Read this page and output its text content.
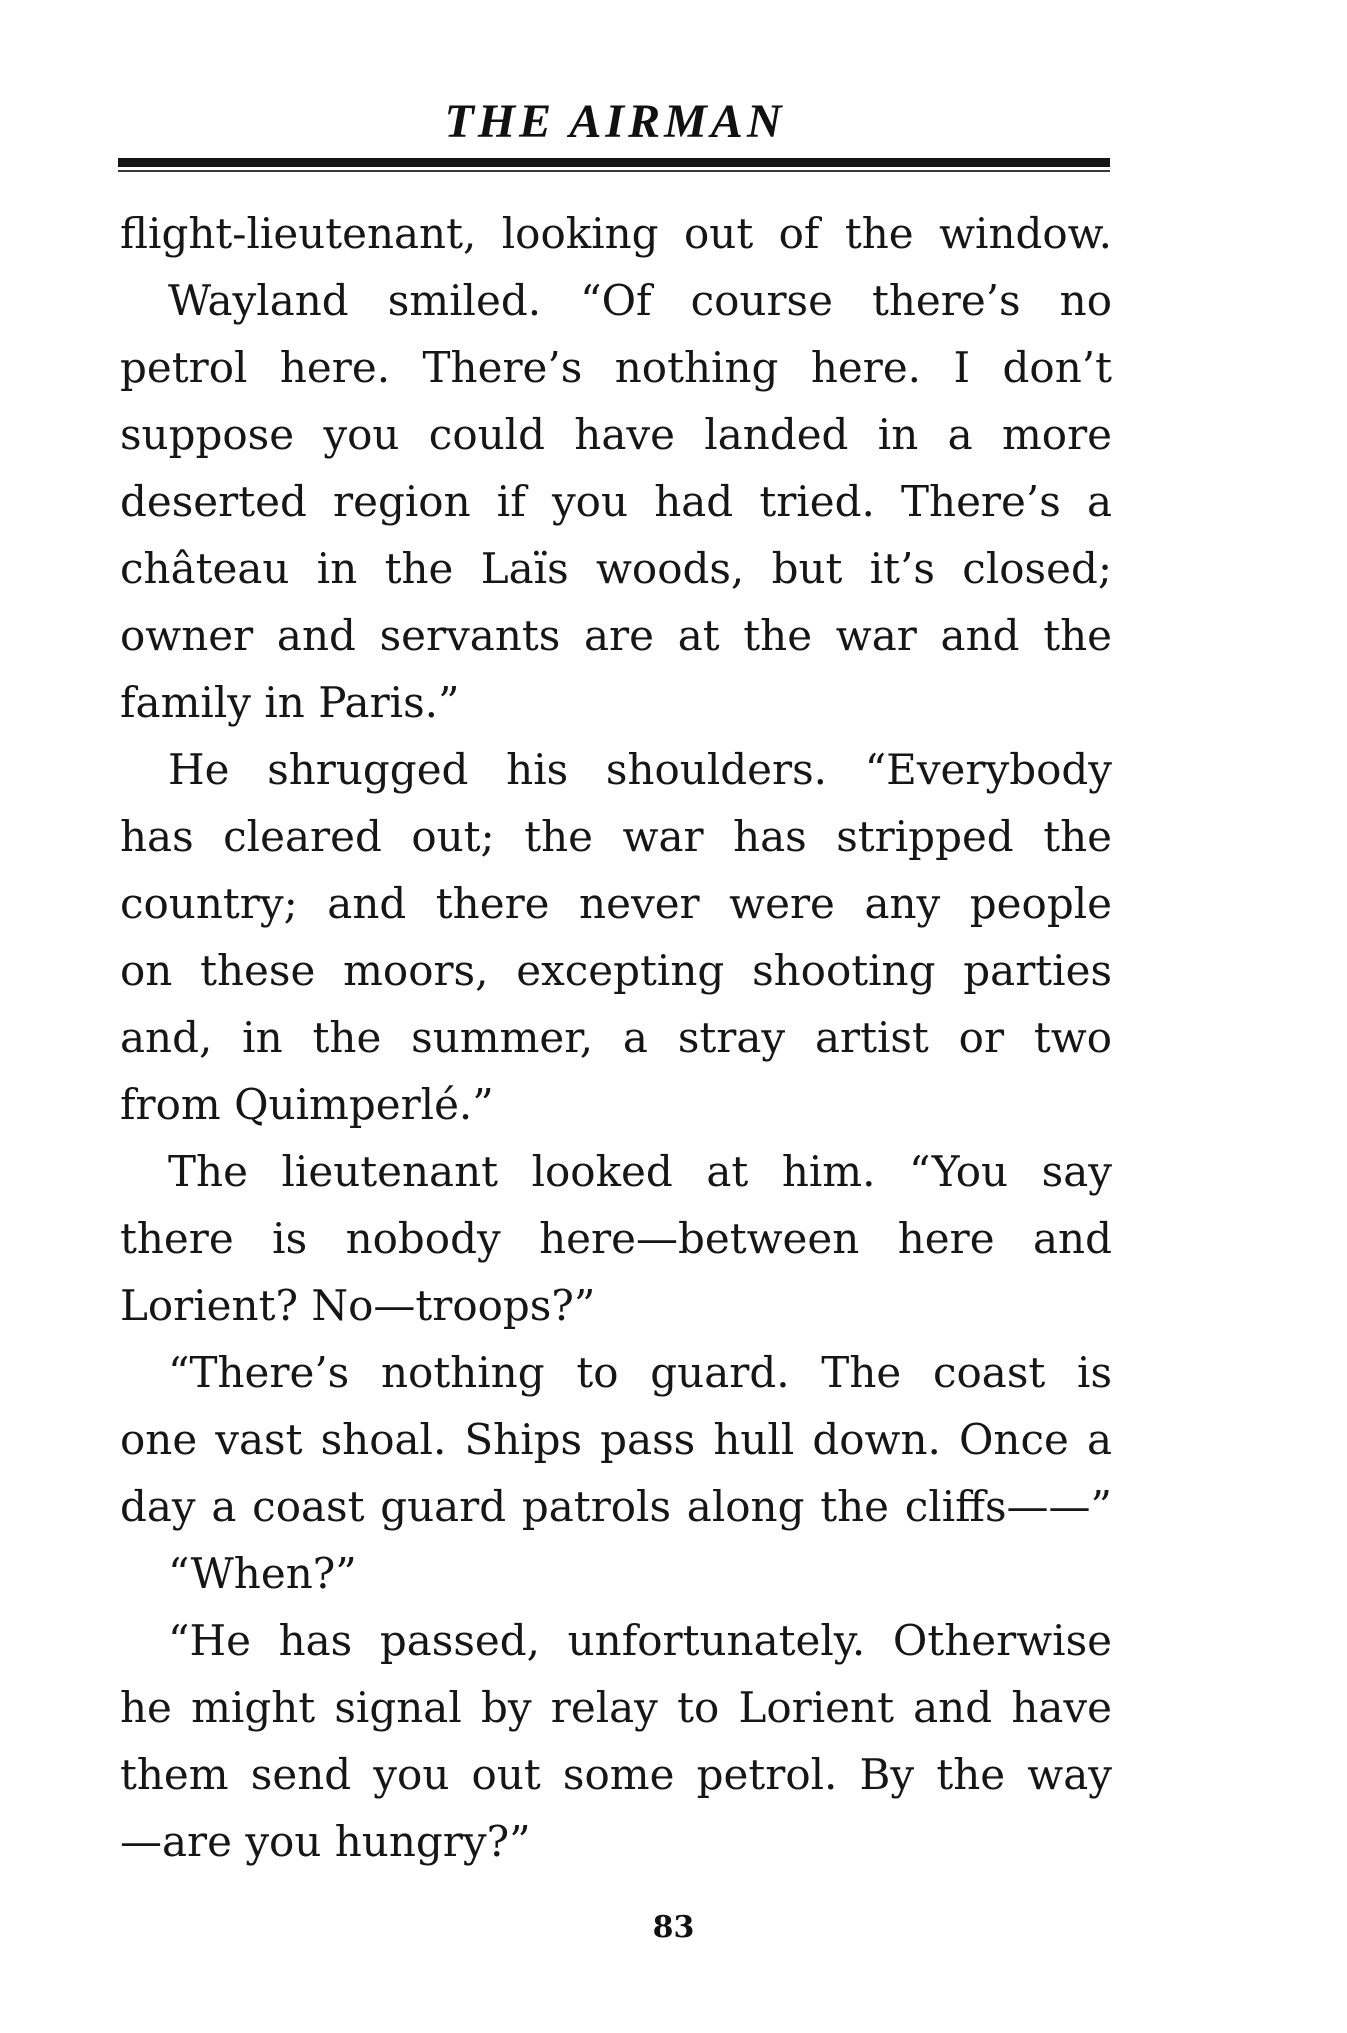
THE AIRMAN
flight-lieutenant, looking out of the window.
Wayland smiled. “Of course there’s no
petrol here. There’s nothing here. I don’t
suppose you could have landed in a more
deserted region if you had tried. There’s a
château in the Laïs woods, but it’s closed;
owner and servants are at the war and the
family in Paris.”
He shrugged his shoulders. “Everybody
has cleared out; the war has stripped the
country; and there never were any people
on these moors, excepting shooting parties
and, in the summer, a stray artist or two
from Quimperlé.”
The lieutenant looked at him. “You say
there is nobody here—between here and
Lorient? No—troops?”
“There’s nothing to guard. The coast is
one vast shoal. Ships pass hull down. Once a
day a coast guard patrols along the cliffs——”
“When?”
“He has passed, unfortunately. Otherwise
he might signal by relay to Lorient and have
them send you out some petrol. By the way
—are you hungry?”
83
